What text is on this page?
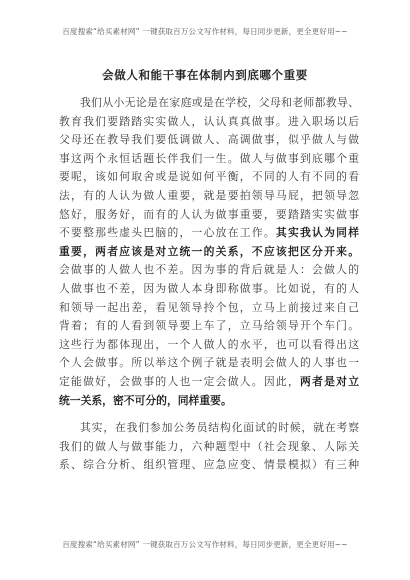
百度搜索“给买素材网” 一键获取百万公文写作材料，每日同步更新，更全更好用~~
会做人和能干事在体制内到底哪个重要
我们从小无论是在家庭或是在学校，父母和老师都教导、
教育我们要踏踏实实做人，认认真真做事。进入职场以后
父母还在教导我们要低调做人、高调做事，似乎做人与做
事这两个永恒话题长伴我们一生。做人与做事到底哪个重
要呢，该如何取舍或是说如何平衡，不同的人有不同的看
法，有的人认为做人重要，就是要拍领导马屁，把领导忽
悠好，服务好，而有的人认为做事重要，要踏踏实实做事
不要整那些虚头巴脑的，一心放在工作。其实我认为同样
重要，两者应该是对立统一的关系，不应该把区分开来。
会做事的人做人也不差。因为事的背后就是人：会做人的
人做事也不差，因为做人本身即称做事。比如说，有的人
和领导一起出差，看见领导拎个包，立马上前接过来自己
背着；有的人看到领导要上车了，立马给领导开个车门。
这些行为都体现出，一个人做人的水平，也可以看得出这
个人会做事。所以举这个例子就是表明会做人的人事也一
定能做好，会做事的人也一定会做人。因此，两者是对立
统一关系，密不可分的，同样重要。
其实，在我们参加公务员结构化面试的时候，就在考察
我们的做人与做事能力，六种题型中（社会现象、人际关
系、综合分析、组织管理、应急应变、情景模拟）有三种
百度搜索“给买素材网” 一键获取百万公文写作材料，每日同步更新，更全更好用~~
